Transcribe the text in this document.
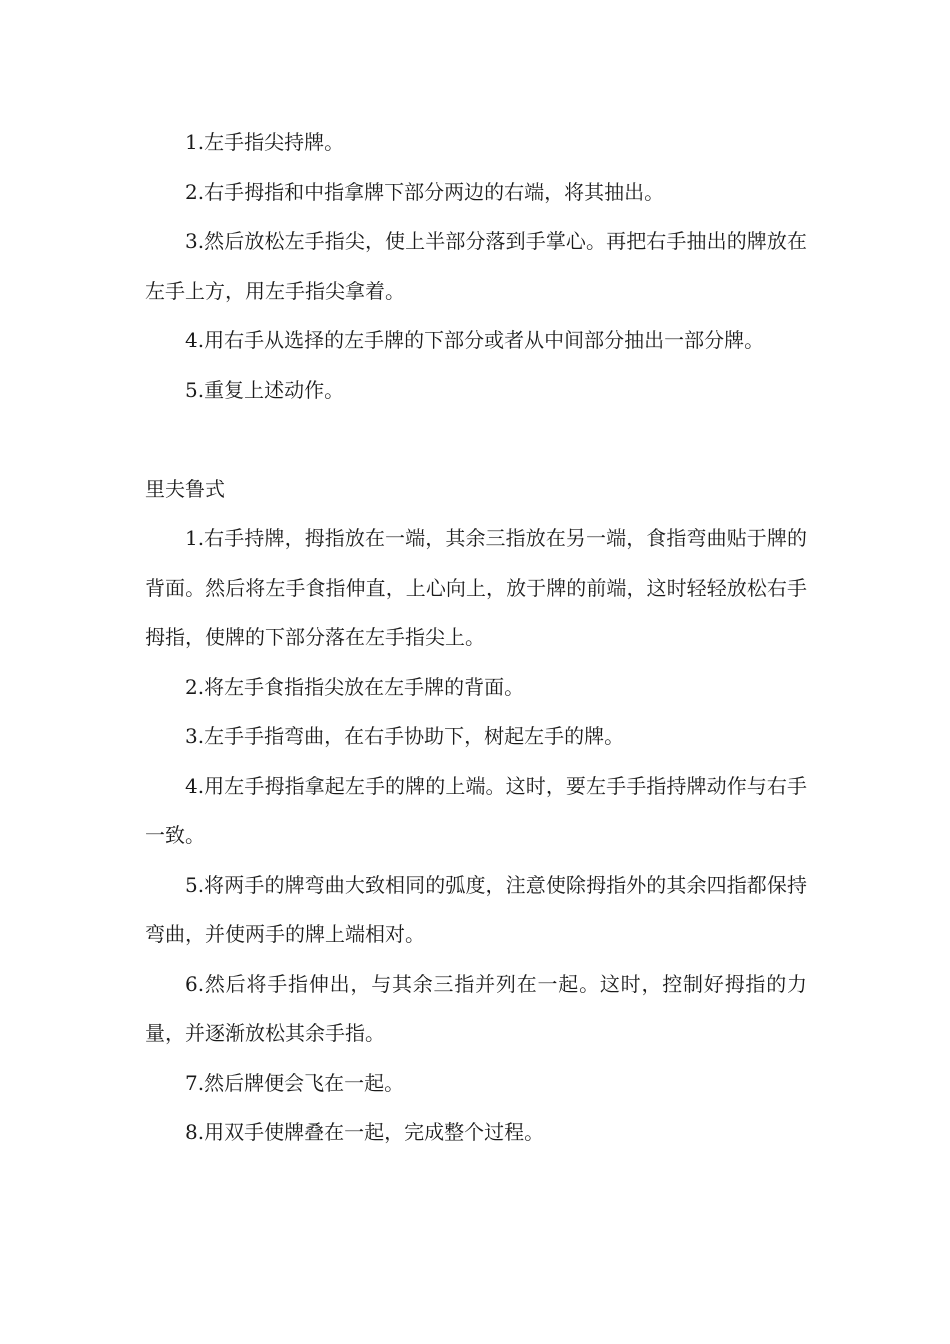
1.左手指尖持牌。

2.右手拇指和中指拿牌下部分两边的右端，将其抽出。

3.然后放松左手指尖，使上半部分落到手掌心。再把右手抽出的牌放在左手上方，用左手指尖拿着。

4.用右手从选择的左手牌的下部分或者从中间部分抽出一部分牌。

5.重复上述动作。

里夫鲁式

1.右手持牌，拇指放在一端，其余三指放在另一端，食指弯曲贴于牌的背面。然后将左手食指伸直，上心向上，放于牌的前端，这时轻轻放松右手拇指，使牌的下部分落在左手指尖上。

2.将左手食指指尖放在左手牌的背面。

3.左手手指弯曲，在右手协助下，树起左手的牌。

4.用左手拇指拿起左手的牌的上端。这时，要左手手指持牌动作与右手一致。

5.将两手的牌弯曲大致相同的弧度，注意使除拇指外的其余四指都保持弯曲，并使两手的牌上端相对。

6.然后将手指伸出，与其余三指并列在一起。这时，控制好拇指的力量，并逐渐放松其余手指。

7.然后牌便会飞在一起。

8.用双手使牌叠在一起，完成整个过程。
